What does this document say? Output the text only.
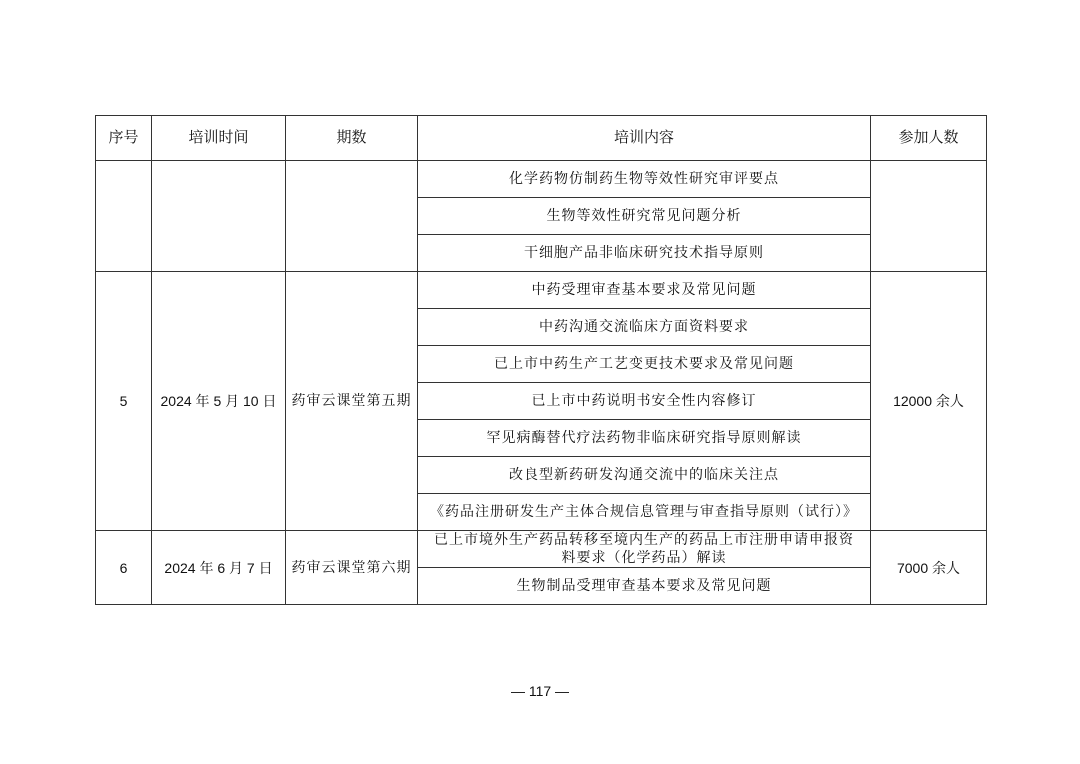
序号	培训时间	期数	培训内容	参加人数
			化学药物仿制药生物等效性研究审评要点	
			生物等效性研究常见问题分析	
			干细胞产品非临床研究技术指导原则	
5	2024 年 5 月 10 日	药审云课堂第五期	中药受理审查基本要求及常见问题	12000 余人
			中药沟通交流临床方面资料要求	
			已上市中药生产工艺变更技术要求及常见问题	
			已上市中药说明书安全性内容修订	
			罕见病酶替代疗法药物非临床研究指导原则解读	
			改良型新药研发沟通交流中的临床关注点	
			《药品注册研发生产主体合规信息管理与审查指导原则（试行）》	
6	2024 年 6 月 7 日	药审云课堂第六期	已上市境外生产药品转移至境内生产的药品上市注册申请申报资料要求（化学药品）解读	7000 余人
			生物制品受理审查基本要求及常见问题	
— 117 —
